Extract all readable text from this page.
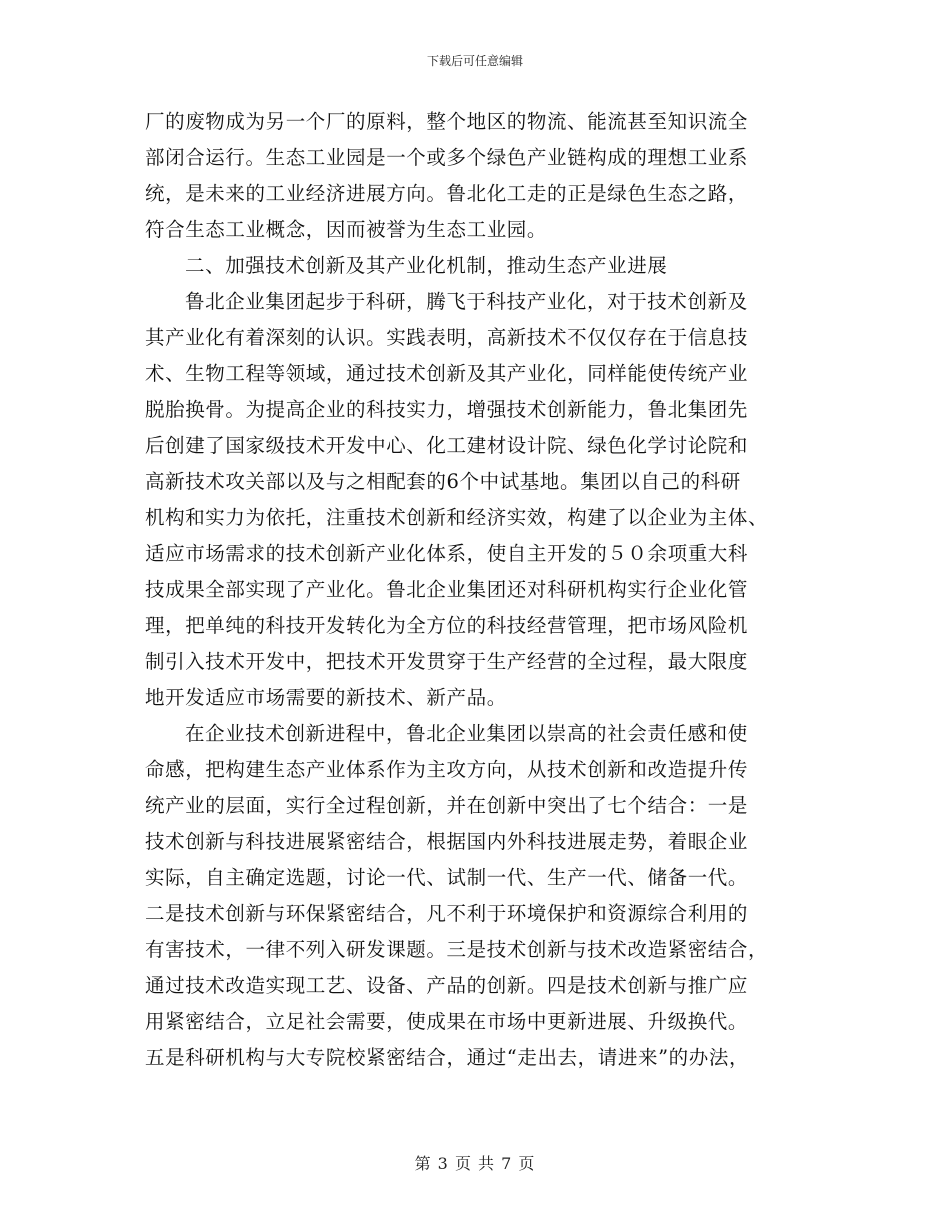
下载后可任意编辑
厂的废物成为另一个厂的原料，整个地区的物流、能流甚至知识流全
部闭合运行。生态工业园是一个或多个绿色产业链构成的理想工业系
统，是未来的工业经济进展方向。鲁北化工走的正是绿色生态之路，
符合生态工业概念，因而被誉为生态工业园。
二、加强技术创新及其产业化机制，推动生态产业进展
鲁北企业集团起步于科研，腾飞于科技产业化，对于技术创新及
其产业化有着深刻的认识。实践表明，高新技术不仅仅存在于信息技
术、生物工程等领域，通过技术创新及其产业化，同样能使传统产业
脱胎换骨。为提高企业的科技实力，增强技术创新能力，鲁北集团先
后创建了国家级技术开发中心、化工建材设计院、绿色化学讨论院和
高新技术攻关部以及与之相配套的6个中试基地。集团以自己的科研
机构和实力为依托，注重技术创新和经济实效，构建了以企业为主体、
适应市场需求的技术创新产业化体系，使自主开发的５０余项重大科
技成果全部实现了产业化。鲁北企业集团还对科研机构实行企业化管
理，把单纯的科技开发转化为全方位的科技经营管理，把市场风险机
制引入技术开发中，把技术开发贯穿于生产经营的全过程，最大限度
地开发适应市场需要的新技术、新产品。
在企业技术创新进程中，鲁北企业集团以崇高的社会责任感和使
命感，把构建生态产业体系作为主攻方向，从技术创新和改造提升传
统产业的层面，实行全过程创新，并在创新中突出了七个结合：一是
技术创新与科技进展紧密结合，根据国内外科技进展走势，着眼企业
实际，自主确定选题，讨论一代、试制一代、生产一代、储备一代。
二是技术创新与环保紧密结合，凡不利于环境保护和资源综合利用的
有害技术，一律不列入研发课题。三是技术创新与技术改造紧密结合，
通过技术改造实现工艺、设备、产品的创新。四是技术创新与推广应
用紧密结合，立足社会需要，使成果在市场中更新进展、升级换代。
五是科研机构与大专院校紧密结合，通过“走出去，请进来”的办法，
第 3 页 共 7 页
